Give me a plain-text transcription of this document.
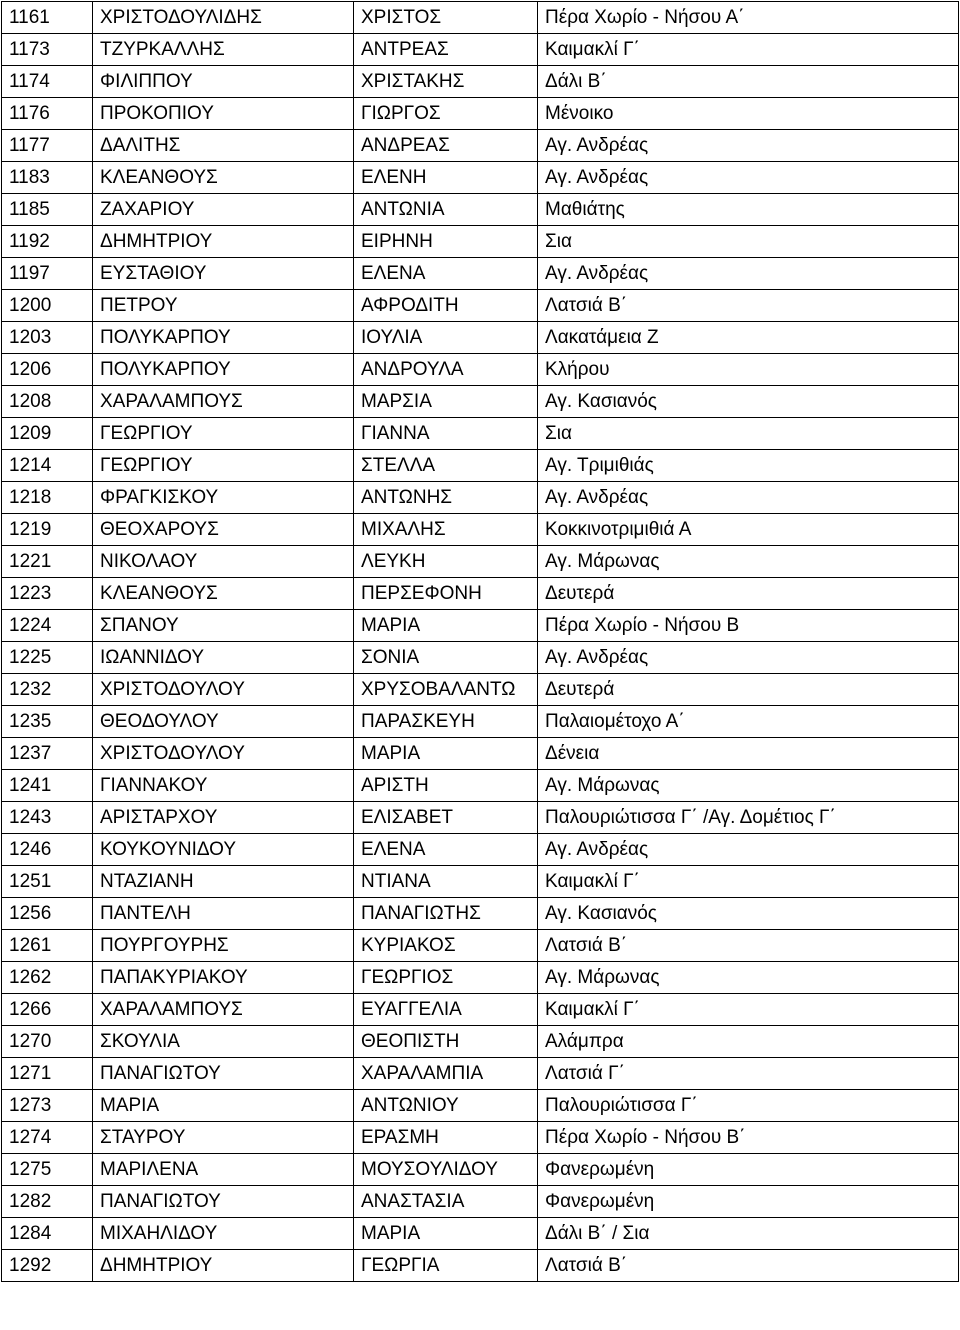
1161	ΧΡΙΣΤΟΔΟΥΛΙΔΗΣ	ΧΡΙΣΤΟΣ	Πέρα Χωρίο - Νήσου Α΄
1173	ΤΖΥΡΚΑΛΛΗΣ	ΑΝΤΡΕΑΣ	Καιμακλί Γ΄
1174	ΦΙΛΙΠΠΟΥ	ΧΡΙΣΤΑΚΗΣ	Δάλι Β΄
1176	ΠΡΟΚΟΠΙΟΥ	ΓΙΩΡΓΟΣ	Μένοικο
1177	ΔΑΛΙΤΗΣ	ΑΝΔΡΕΑΣ	Αγ. Ανδρέας
1183	ΚΛΕΑΝΘΟΥΣ	ΕΛΕΝΗ	Αγ. Ανδρέας
1185	ΖΑΧΑΡΙΟΥ	ΑΝΤΩΝΙΑ	Μαθιάτης
1192	ΔΗΜΗΤΡΙΟΥ	ΕΙΡΗΝΗ	Σια
1197	ΕΥΣΤΑΘΙΟΥ	ΕΛΕΝΑ	Αγ. Ανδρέας
1200	ΠΕΤΡΟΥ	ΑΦΡΟΔΙΤΗ	Λατσιά Β΄
1203	ΠΟΛΥΚΑΡΠΟΥ	ΙΟΥΛΙΑ	Λακατάμεια Ζ
1206	ΠΟΛΥΚΑΡΠΟΥ	ΑΝΔΡΟΥΛΑ	Κλήρου
1208	ΧΑΡΑΛΑΜΠΟΥΣ	ΜΑΡΣΙΑ	Αγ. Κασιανός
1209	ΓΕΩΡΓΙΟΥ	ΓΙΑΝΝΑ	Σια
1214	ΓΕΩΡΓΙΟΥ	ΣΤΕΛΛΑ	Αγ. Τριμιθιάς
1218	ΦΡΑΓΚΙΣΚΟΥ	ΑΝΤΩΝΗΣ	Αγ. Ανδρέας
1219	ΘΕΟΧΑΡΟΥΣ	ΜΙΧΑΛΗΣ	Κοκκινοτριμιθιά Α
1221	ΝΙΚΟΛΑΟΥ	ΛΕΥΚΗ	Αγ. Μάρωνας
1223	ΚΛΕΑΝΘΟΥΣ	ΠΕΡΣΕΦΟΝΗ	Δευτερά
1224	ΣΠΑΝΟΥ	ΜΑΡΙΑ	Πέρα Χωρίο - Νήσου Β
1225	ΙΩΑΝΝΙΔΟΥ	ΣΟΝΙΑ	Αγ. Ανδρέας
1232	ΧΡΙΣΤΟΔΟΥΛΟΥ	ΧΡΥΣΟΒΑΛΑΝΤΩ	Δευτερά
1235	ΘΕΟΔΟΥΛΟΥ	ΠΑΡΑΣΚΕΥΗ	Παλαιομέτοχο Α΄
1237	ΧΡΙΣΤΟΔΟΥΛΟΥ	ΜΑΡΙΑ	Δένεια
1241	ΓΙΑΝΝΑΚΟΥ	ΑΡΙΣΤΗ	Αγ. Μάρωνας
1243	ΑΡΙΣΤΑΡΧΟΥ	ΕΛΙΣΑΒΕΤ	Παλουριώτισσα Γ΄ /Αγ. Δομέτιος Γ΄
1246	ΚΟΥΚΟΥΝΙΔΟΥ	ΕΛΕΝΑ	Αγ. Ανδρέας
1251	ΝΤΑΖΙΑΝΗ	ΝΤΙΑΝΑ	Καιμακλί Γ΄
1256	ΠΑΝΤΕΛΗ	ΠΑΝΑΓΙΩΤΗΣ	Αγ. Κασιανός
1261	ΠΟΥΡΓΟΥΡΗΣ	ΚΥΡΙΑΚΟΣ	Λατσιά Β΄
1262	ΠΑΠΑΚΥΡΙΑΚΟΥ	ΓΕΩΡΓΙΟΣ	Αγ. Μάρωνας
1266	ΧΑΡΑΛΑΜΠΟΥΣ	ΕΥΑΓΓΕΛΙΑ	Καιμακλί Γ΄
1270	ΣΚΟΥΛΙΑ	ΘΕΟΠΙΣΤΗ	Αλάμπρα
1271	ΠΑΝΑΓΙΩΤΟΥ	ΧΑΡΑΛΑΜΠΙΑ	Λατσιά Γ΄
1273	ΜΑΡΙΑ	ΑΝΤΩΝΙΟΥ	Παλουριώτισσα Γ΄
1274	ΣΤΑΥΡΟΥ	ΕΡΑΣΜΗ	Πέρα Χωρίο - Νήσου Β΄
1275	ΜΑΡΙΛΕΝΑ	ΜΟΥΣΟΥΛΙΔΟΥ	Φανερωμένη
1282	ΠΑΝΑΓΙΩΤΟΥ	ΑΝΑΣΤΑΣΙΑ	Φανερωμένη
1284	ΜΙΧΑΗΛΙΔΟΥ	ΜΑΡΙΑ	Δάλι Β΄ / Σια
1292	ΔΗΜΗΤΡΙΟΥ	ΓΕΩΡΓΙΑ	Λατσιά Β΄
